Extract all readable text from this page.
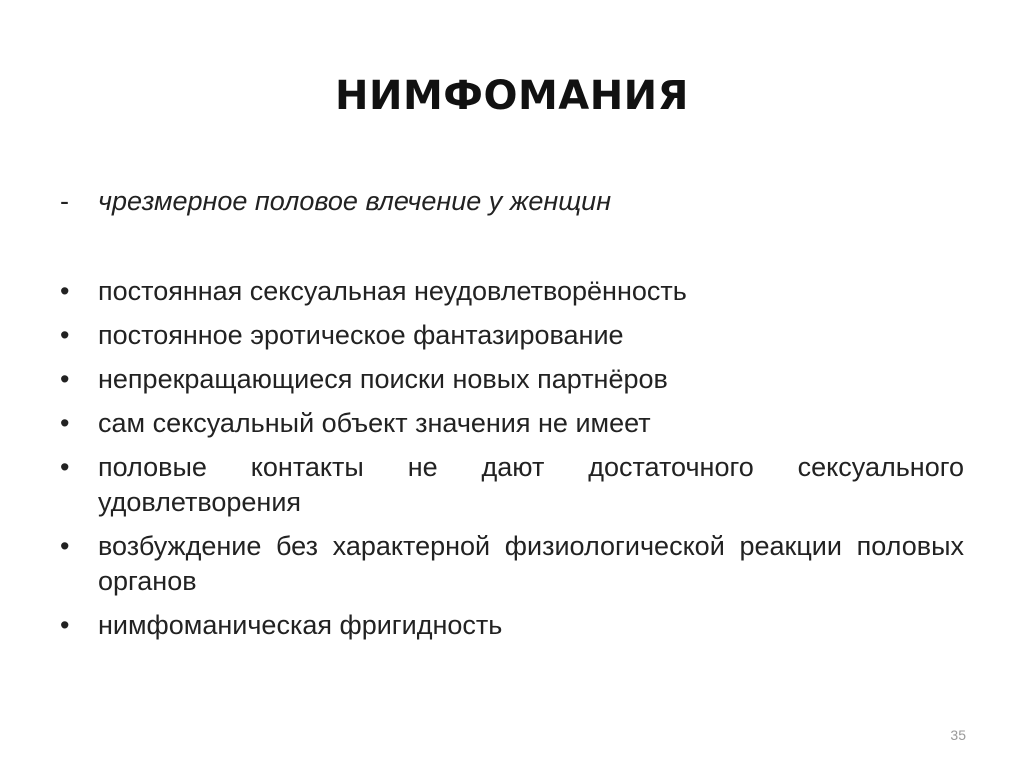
НИМФОМАНИЯ
- чрезмерное половое влечение у женщин
•	постоянная сексуальная неудовлетворённость
•	постоянное эротическое фантазирование
•	непрекращающиеся поиски новых партнёров
•	сам сексуальный объект значения не имеет
•	половые контакты не дают достаточного сексуального удовлетворения
•	возбуждение без характерной физиологической реакции половых органов
•	нимфоманическая фригидность
35
